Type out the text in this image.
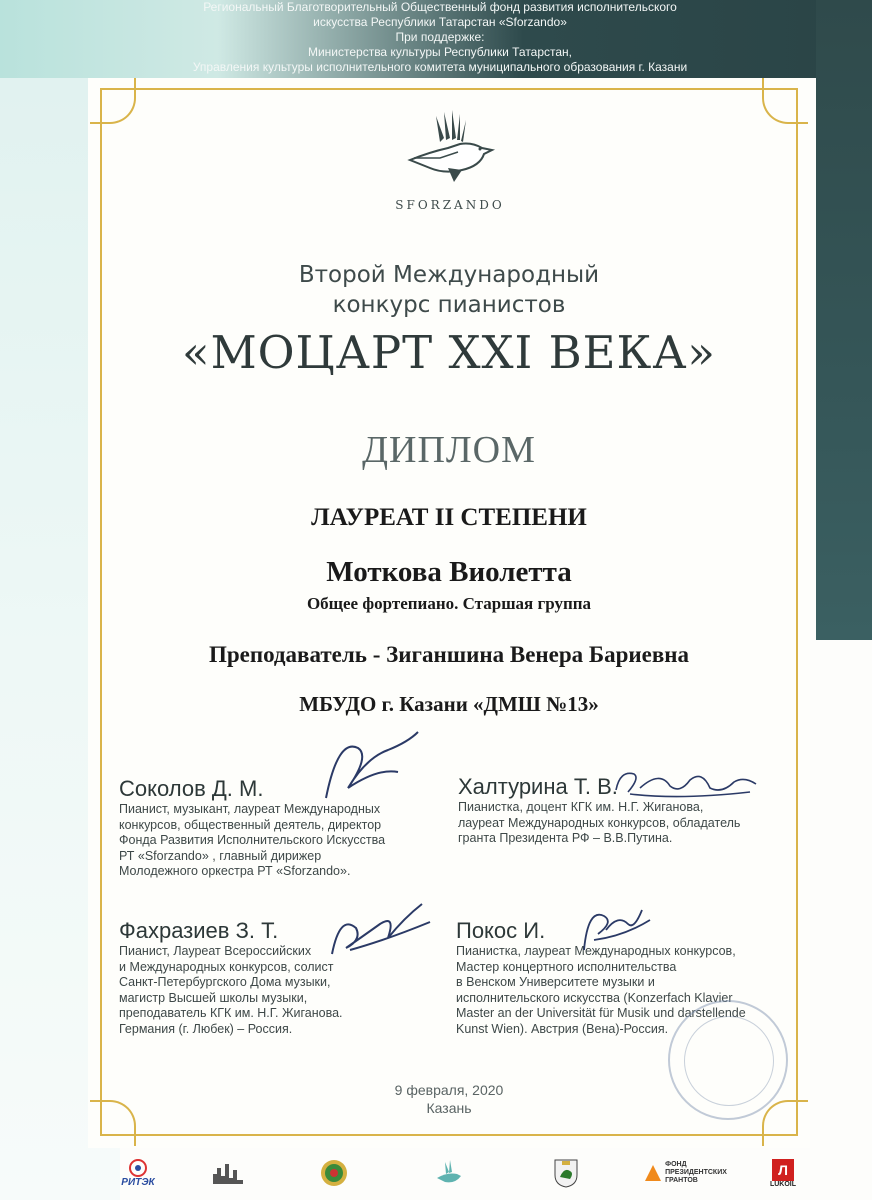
Региональный Благотворительный Общественный фонд развития исполнительского
искусства Республики Татарстан «Sforzando»
При поддержке:
Министерства культуры Республики Татарстан,
Управления культуры исполнительного комитета муниципального образования г. Казани
SFORZANDO
Второй Международный
конкурс пианистов
«МОЦАРТ XXI ВЕКА»
ДИПЛОМ
ЛАУРЕАТ II СТЕПЕНИ
Моткова Виолетта
Общее фортепиано. Старшая группа
Преподаватель - Зиганшина Венера Бариевна
МБУДО г. Казани «ДМШ №13»
Соколов Д. М.
Пианист, музыкант, лауреат Международных
конкурсов, общественный деятель, директор
Фонда Развития Исполнительского Искусства
РТ «Sforzando» , главный дирижер
Молодежного оркестра РТ «Sforzando».
Халтурина Т. В.
Пианистка, доцент КГК им. Н.Г. Жиганова,
лауреат Международных конкурсов, обладатель
гранта Президента РФ – В.В.Путина.
Фахразиев З. Т.
Пианист, Лауреат Всероссийских
и Международных конкурсов, солист
Санкт-Петербургского Дома музыки,
магистр Высшей школы музыки,
преподаватель КГК им. Н.Г. Жиганова.
Германия (г. Любек) – Россия.
Покос И.
Пианистка, лауреат Международных конкурсов,
Мастер концертного исполнительства
в Венском Университете музыки и
исполнительского искусства (Konzerfach Klavier
Master an der Universität für Musik und darstellende
Kunst Wien). Австрия (Вена)-Россия.
9 февраля, 2020
Казань
РИТЭК
ФОНД
ПРЕЗИДЕНТСКИХ
ГРАНТОВ
Л
LUKOIL
